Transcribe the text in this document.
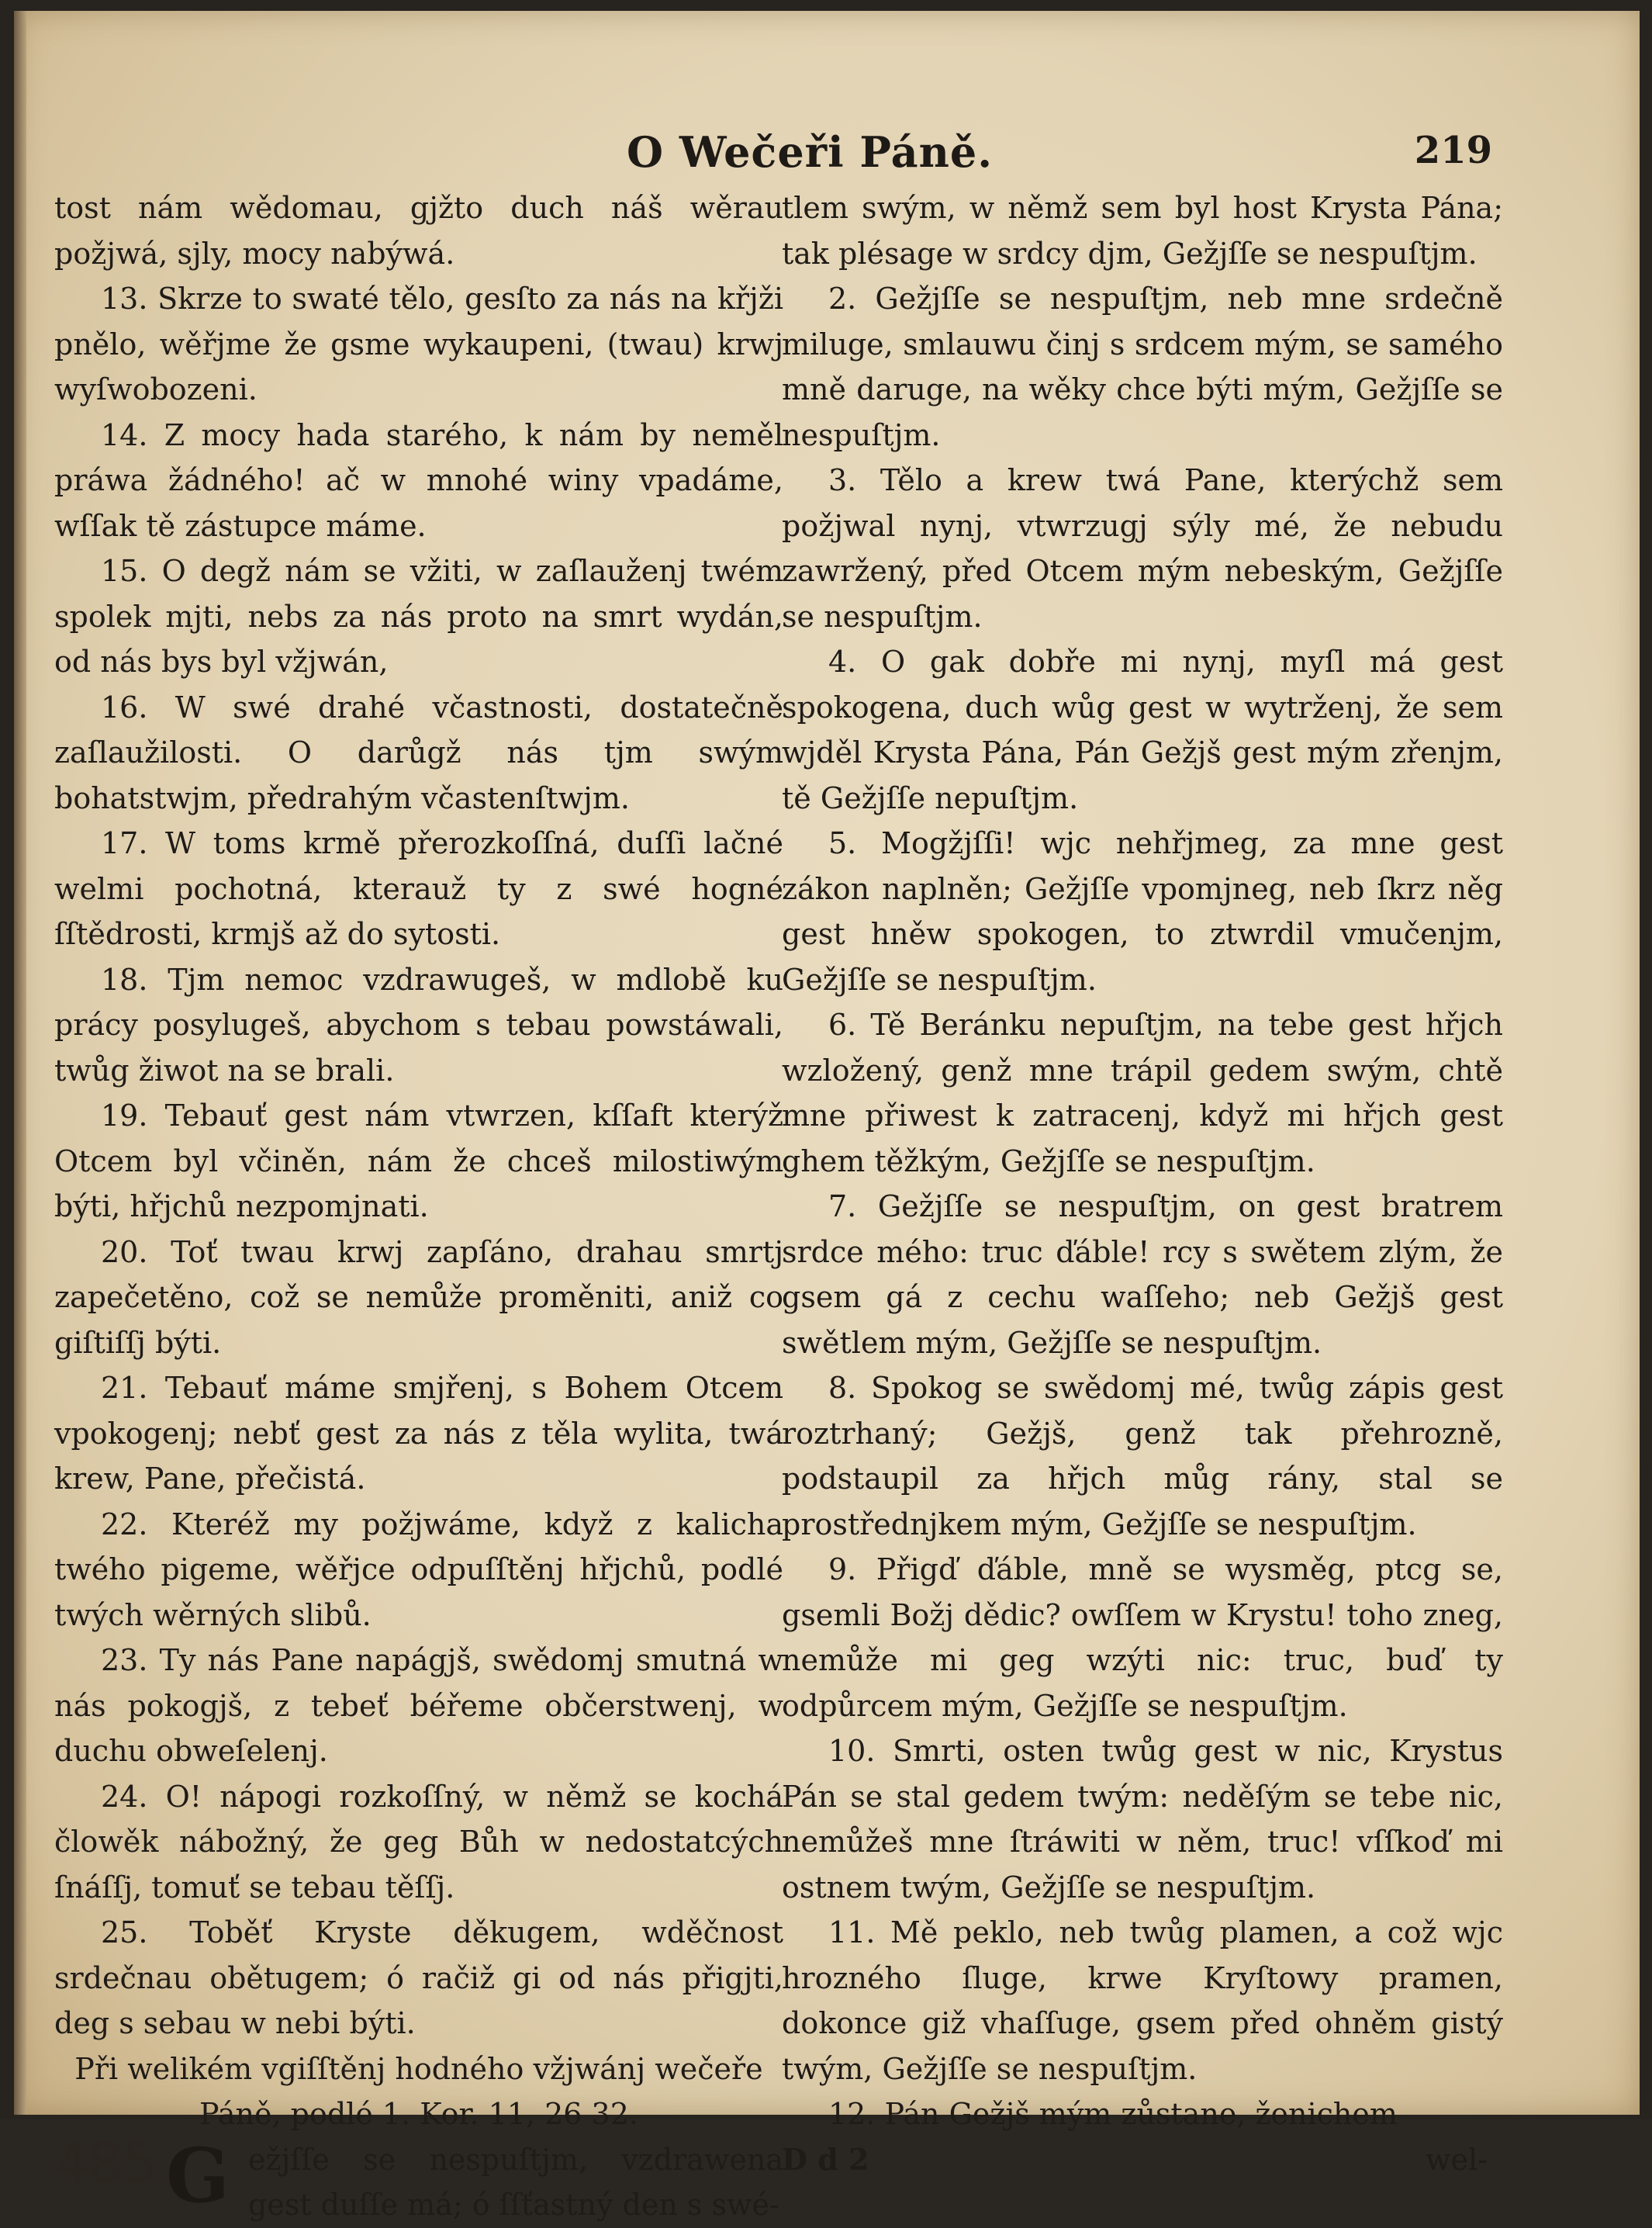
O Wečeři Páně.	219

tost nám wědomau, gjžto duch náš wěrau požjwá, sjly, mocy nabýwá.

13. Skrze to swaté tělo, gesſto za nás na křjži pnělo, wěřjme že gsme wykaupeni, (twau) krwj wyſwobozeni.

14. Z mocy hada starého, k nám by neměl práwa žádného! ač w mnohé winy vpadáme, wſſak tě zástupce máme.

15. O degž nám se vžiti, w zaſlauženj twém spolek mjti, nebs za nás proto na smrt wydán, od nás bys byl vžjwán,

16. W swé drahé včastnosti, dostatečně zaſlaužilosti. O darůgž nás tjm swým bohatstwjm, předrahým včastenſtwjm.

17. W toms krmě přerozkoſſná, duſſi lačné welmi pochotná, kterauž ty z swé hogné ſſtědrosti, krmjš až do sytosti.

18. Tjm nemoc vzdrawugeš, w mdlobě ku prácy posylugeš, abychom s tebau powstáwali, twůg žiwot na se brali.

19. Tebauť gest nám vtwrzen, kſſaft kterýž Otcem byl včiněn, nám že chceš milostiwým býti, hřjchů nezpomjnati.

20. Toť twau krwj zapſáno, drahau smrtj zapečetěno, což se nemůže proměniti, aniž co giſtiſſj býti.

21. Tebauť máme smjřenj, s Bohem Otcem vpokogenj; nebť gest za nás z těla wylita, twá krew, Pane, přečistá.

22. Kteréž my požjwáme, když z kalicha twého pigeme, wěřjce odpuſſtěnj hřjchů, podlé twých wěrných slibů.

23. Ty nás Pane napágjš, swědomj smutná w nás pokogjš, z tebeť béřeme občerstwenj, w duchu obweſelenj.

24. O! nápogi rozkoſſný, w němž se kochá člowěk nábožný, že geg Bůh w nedostatcých ſnáſſj, tomuť se tebau těſſj.

25. Toběť Kryste děkugem, wděčnost srdečnau obětugem; ó račiž gi od nás přigjti, deg s sebau w nebi býti.

Při welikém vgiſſtěnj hodného vžjwánj wečeře Páně, podlé 1. Kor. 11, 26 32.

485.
G ežjſſe se nespuſtjm, vzdrawena gest duſſe má; ó ſſťastný den s swé-

tlem swým, w němž sem byl host Krysta Pána; tak plésage w srdcy djm, Gežjſſe se nespuſtjm.

2. Gežjſſe se nespuſtjm, neb mne srdečně miluge, smlauwu činj s srdcem mým, se samého mně daruge, na wěky chce býti mým, Gežjſſe se nespuſtjm.

3. Tělo a krew twá Pane, kterýchž sem požjwal nynj, vtwrzugj sýly mé, že nebudu zawržený, před Otcem mým nebeským, Gežjſſe se nespuſtjm.

4. O gak dobře mi nynj, myſl má gest spokogena, duch wůg gest w wytrženj, že sem wjděl Krysta Pána, Pán Gežjš gest mým zřenjm, tě Gežjſſe nepuſtjm.

5. Mogžjſſi! wjc nehřjmeg, za mne gest zákon naplněn; Gežjſſe vpomjneg, neb ſkrz něg gest hněw spokogen, to ztwrdil vmučenjm, Gežjſſe se nespuſtjm.

6. Tě Beránku nepuſtjm, na tebe gest hřjch wzložený, genž mne trápil gedem swým, chtě mne přiwest k zatracenj, když mi hřjch gest ghem těžkým, Gežjſſe se nespuſtjm.

7. Gežjſſe se nespuſtjm, on gest bratrem srdce mého: truc ďáble! rcy s swětem zlým, že gsem gá z cechu waſſeho; neb Gežjš gest swětlem mým, Gežjſſe se nespuſtjm.

8. Spokog se swědomj mé, twůg zápis gest roztrhaný; Gežjš, genž tak přehrozně, podstaupil za hřjch můg rány, stal se prostřednjkem mým, Gežjſſe se nespuſtjm.

9. Přigď ďáble, mně se wysměg, ptcg se, gsemli Božj dědic? owſſem w Krystu! toho zneg, nemůže mi geg wzýti nic: truc, buď ty odpůrcem mým, Gežjſſe se nespuſtjm.

10. Smrti, osten twůg gest w nic, Krystus Pán se stal gedem twým: neděſým se tebe nic, nemůžeš mne ſtráwiti w něm, truc! vſſkoď mi ostnem twým, Gežjſſe se nespuſtjm.

11. Mě peklo, neb twůg plamen, a což wjc hrozného ſluge, krwe Kryſtowy pramen, dokonce giž vhaſſuge, gsem před ohněm gistý twým, Gežjſſe se nespuſtjm.

12. Pán Gežjš mým zůstane, ženichem

D d 2	wel-
